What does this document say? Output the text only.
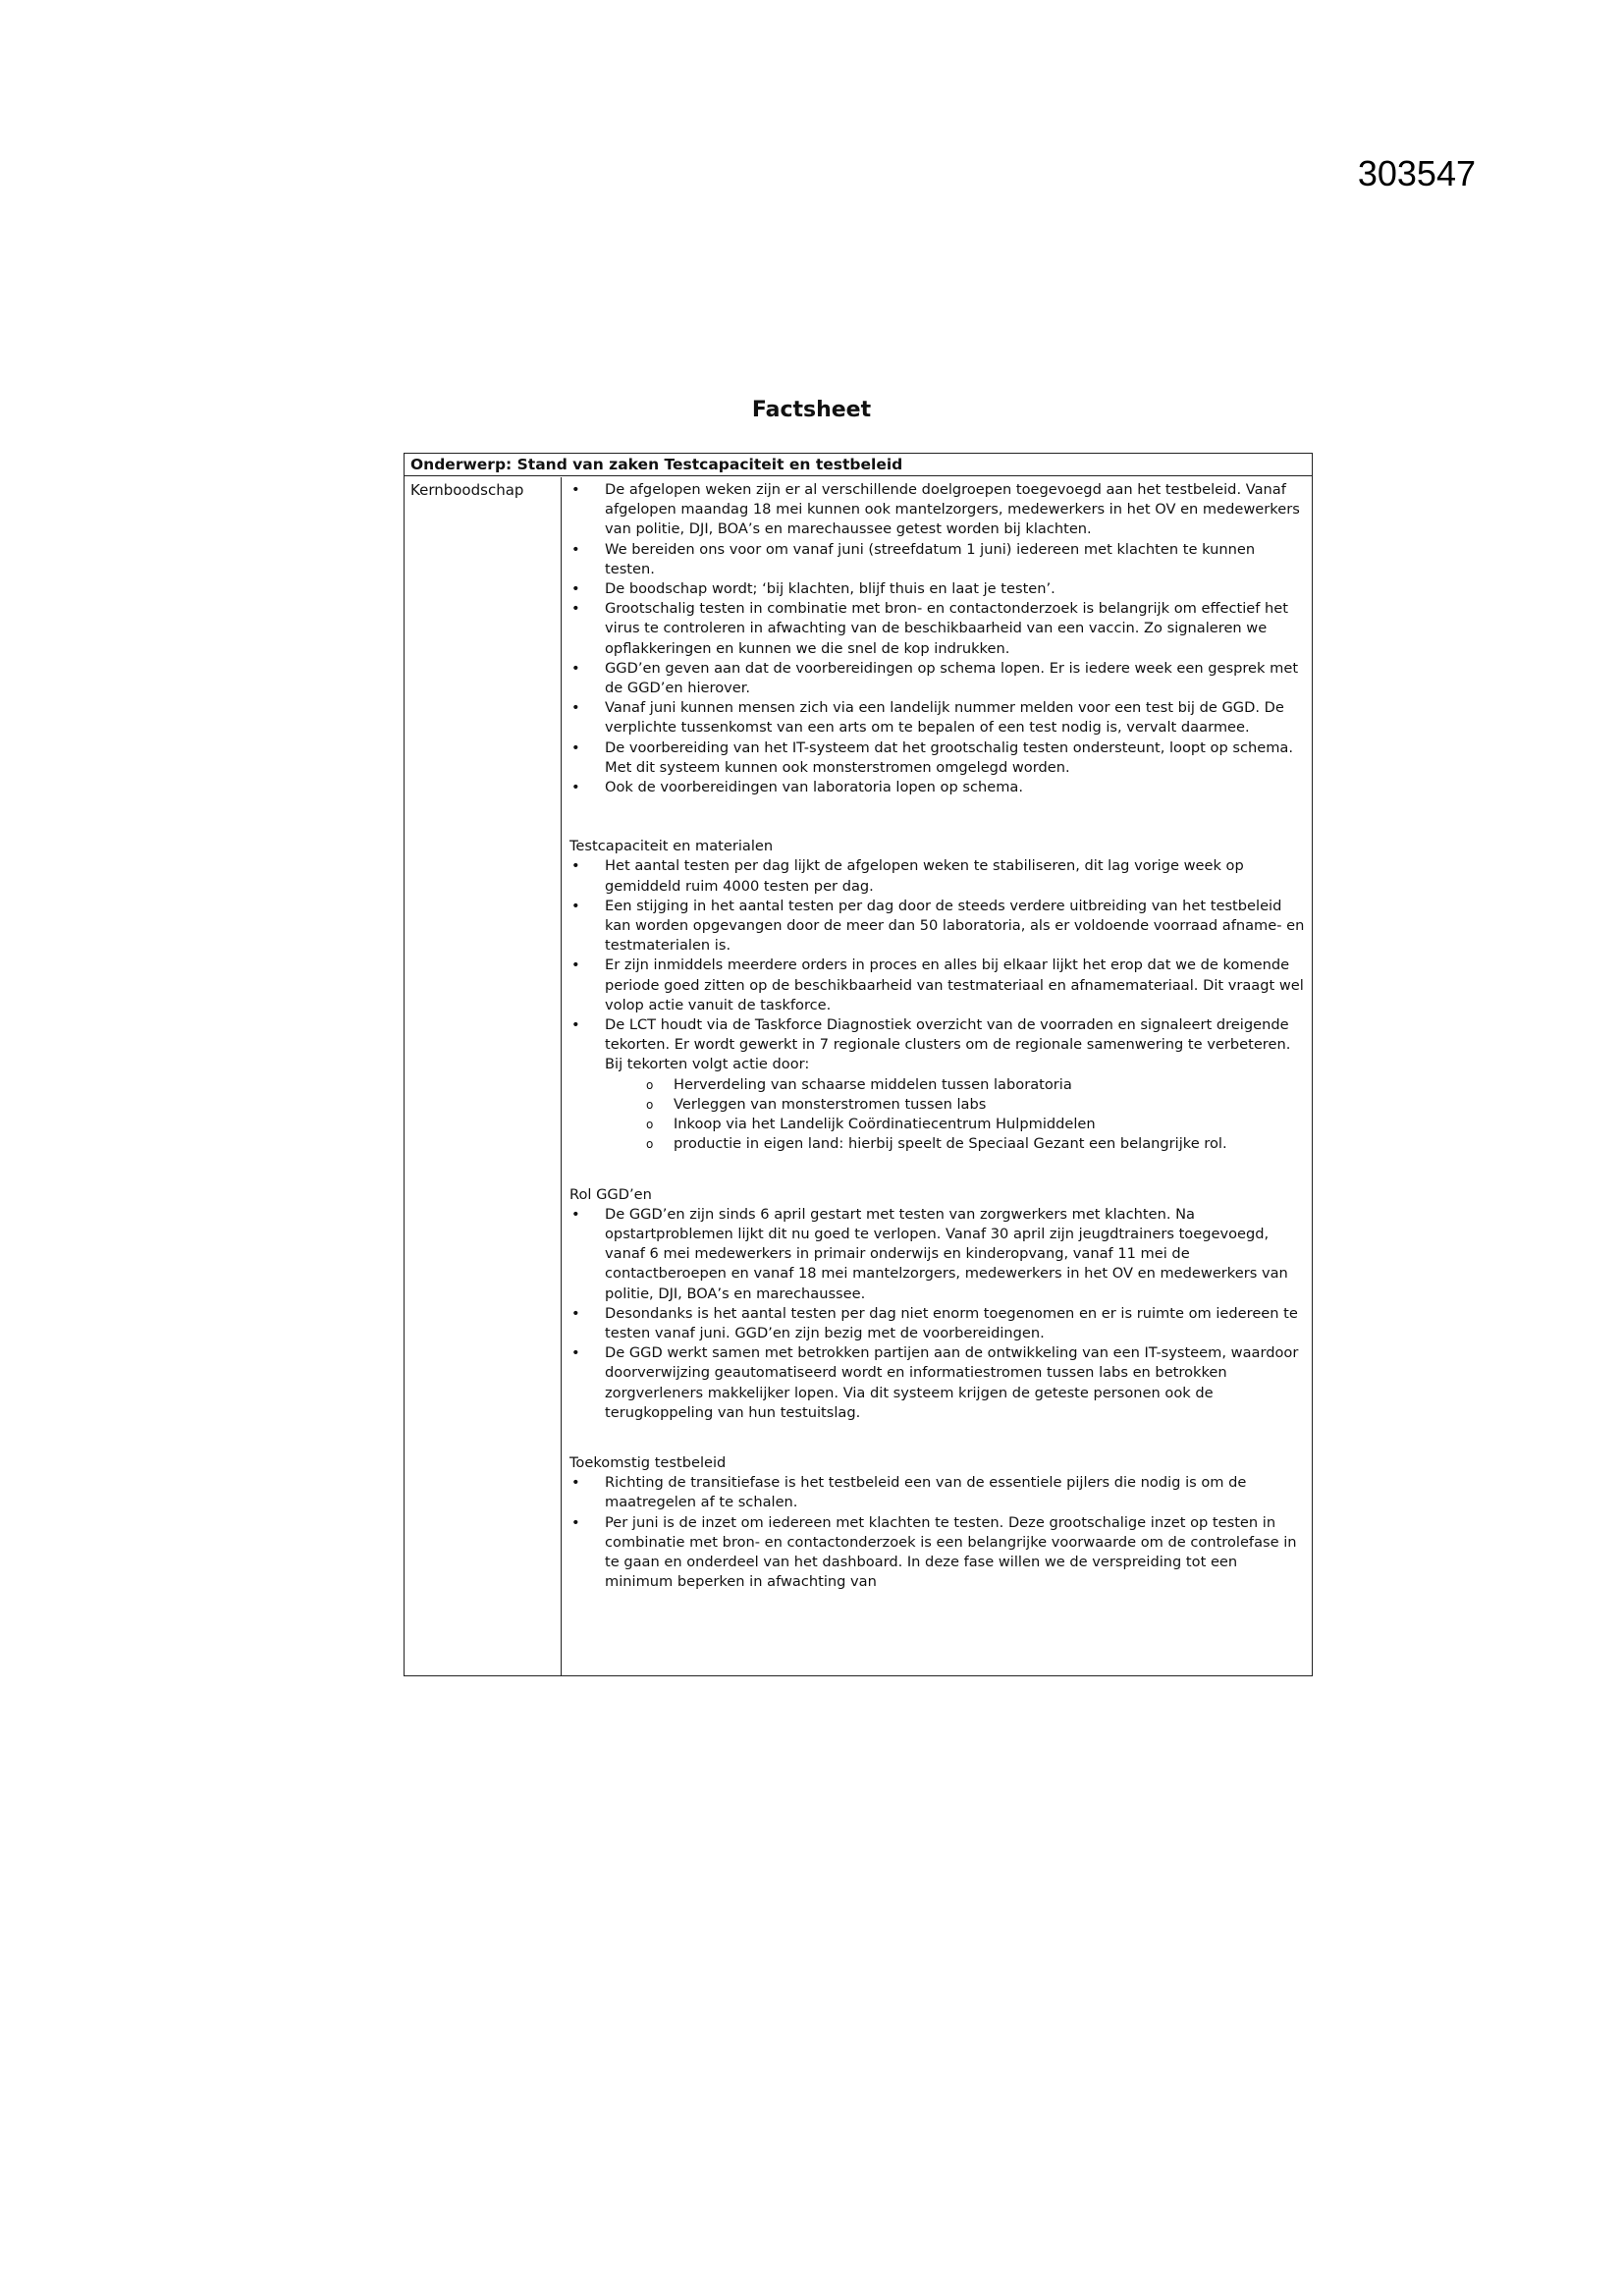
303547
Factsheet
Onderwerp: Stand van zaken Testcapaciteit en testbeleid
Kernboodschap
•	De afgelopen weken zijn er al verschillende doelgroepen toegevoegd aan het testbeleid. Vanaf afgelopen maandag 18 mei kunnen ook mantelzorgers, medewerkers in het OV en medewerkers van politie, DJI, BOA’s en marechaussee getest worden bij klachten.
• We bereiden ons voor om vanaf juni (streefdatum 1 juni) iedereen met klachten te kunnen testen.
• De boodschap wordt; ‘bij klachten, blijf thuis en laat je testen’.
• Grootschalig testen in combinatie met bron- en contactonderzoek is belangrijk om effectief het virus te controleren in afwachting van de beschikbaarheid van een vaccin. Zo signaleren we opflakkeringen en kunnen we die snel de kop indrukken.
• GGD’en geven aan dat de voorbereidingen op schema lopen. Er is iedere week een gesprek met de GGD’en hierover.
• Vanaf juni kunnen mensen zich via een landelijk nummer melden voor een test bij de GGD. De verplichte tussenkomst van een arts om te bepalen of een test nodig is, vervalt daarmee.
• De voorbereiding van het IT-systeem dat het grootschalig testen ondersteunt, loopt op schema. Met dit systeem kunnen ook monsterstromen omgelegd worden.
• Ook de voorbereidingen van laboratoria lopen op schema.

Testcapaciteit en materialen

• Het aantal testen per dag lijkt de afgelopen weken te stabiliseren, dit lag vorige week op gemiddeld ruim 4000 testen per dag.
• Een stijging in het aantal testen per dag door de steeds verdere uitbreiding van het testbeleid kan worden opgevangen door de meer dan 50 laboratoria, als er voldoende voorraad afname- en testmaterialen is.
• Er zijn inmiddels meerdere orders in proces en alles bij elkaar lijkt het erop dat we de komende periode goed zitten op de beschikbaarheid van testmateriaal en afnamemateriaal. Dit vraagt wel volop actie vanuit de taskforce.
• De LCT houdt via de Taskforce Diagnostiek overzicht van de voorraden en signaleert dreigende tekorten. Er wordt gewerkt in 7 regionale clusters om de regionale samenwering te verbeteren. Bij tekorten volgt actie door:
o Herverdeling van schaarse middelen tussen laboratoria
o Verleggen van monsterstromen tussen labs
o Inkoop via het Landelijk Coördinatiecentrum Hulpmiddelen
o productie in eigen land: hierbij speelt de Speciaal Gezant een belangrijke rol.

Rol GGD’en

• De GGD’en zijn sinds 6 april gestart met testen van zorgwerkers met klachten. Na opstartproblemen lijkt dit nu goed te verlopen. Vanaf 30 april zijn jeugdtrainers toegevoegd, vanaf 6 mei medewerkers in primair onderwijs en kinderopvang, vanaf 11 mei de contactberoepen en vanaf 18 mei mantelzorgers, medewerkers in het OV en medewerkers van politie, DJI, BOA’s en marechaussee.
• Desondanks is het aantal testen per dag niet enorm toegenomen en er is ruimte om iedereen te testen vanaf juni. GGD’en zijn bezig met de voorbereidingen.
• De GGD werkt samen met betrokken partijen aan de ontwikkeling van een IT-systeem, waardoor doorverwijzing geautomatiseerd wordt en informatiestromen tussen labs en betrokken zorgverleners makkelijker lopen. Via dit systeem krijgen de geteste personen ook de terugkoppeling van hun testuitslag.

Toekomstig testbeleid

• Richting de transitiefase is het testbeleid een van de essentiele pijlers die nodig is om de maatregelen af te schalen.
• Per juni is de inzet om iedereen met klachten te testen. Deze grootschalige inzet op testen in combinatie met bron- en contactonderzoek is een belangrijke voorwaarde om de controlefase in te gaan en onderdeel van het dashboard. In deze fase willen we de verspreiding tot een minimum beperken in afwachting van
